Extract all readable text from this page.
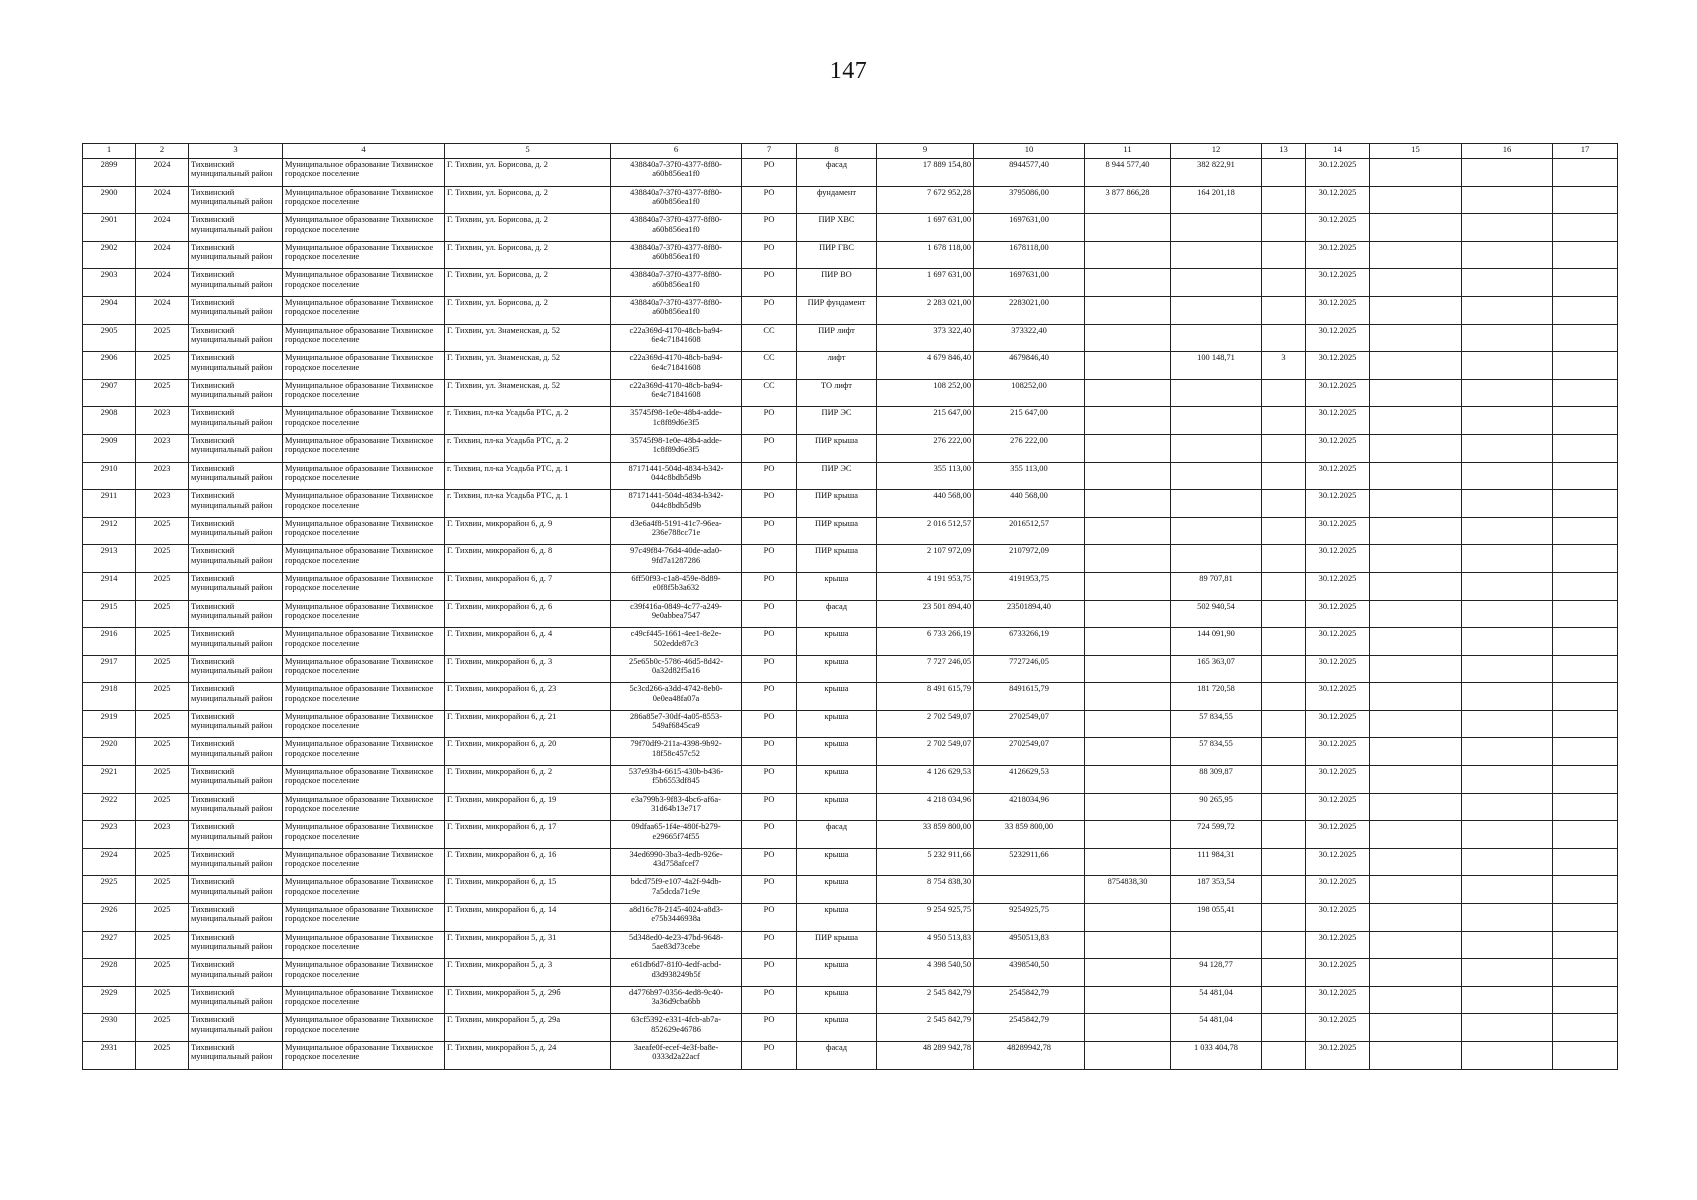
147
1	2	3	4	5	6	7	8	9	10	11	12	13	14	15	16	17

2899	2024	Тихвинский
муниципальный район	Муниципальное образование Тихвинское
городское поселение	Г. Тихвин, ул. Борисова, д. 2	438840a7-37f0-4377-8f80-
a60b856ea1f0	РО	фасад	17 889 154,80	8944577,40	8 944 577,40	382 822,91		30.12.2025			

2900	2024	Тихвинский
муниципальный район	Муниципальное образование Тихвинское
городское поселение	Г. Тихвин, ул. Борисова, д. 2	438840a7-37f0-4377-8f80-
a60b856ea1f0	РО	фундамент	7 672 952,28	3795086,00	3 877 866,28	164 201,18		30.12.2025			

2901	2024	Тихвинский
муниципальный район	Муниципальное образование Тихвинское
городское поселение	Г. Тихвин, ул. Борисова, д. 2	438840a7-37f0-4377-8f80-
a60b856ea1f0	РО	ПИР ХВС	1 697 631,00	1697631,00				30.12.2025			

2902	2024	Тихвинский
муниципальный район	Муниципальное образование Тихвинское
городское поселение	Г. Тихвин, ул. Борисова, д. 2	438840a7-37f0-4377-8f80-
a60b856ea1f0	РО	ПИР ГВС	1 678 118,00	1678118,00				30.12.2025			

2903	2024	Тихвинский
муниципальный район	Муниципальное образование Тихвинское
городское поселение	Г. Тихвин, ул. Борисова, д. 2	438840a7-37f0-4377-8f80-
a60b856ea1f0	РО	ПИР ВО	1 697 631,00	1697631,00				30.12.2025			

2904	2024	Тихвинский
муниципальный район	Муниципальное образование Тихвинское
городское поселение	Г. Тихвин, ул. Борисова, д. 2	438840a7-37f0-4377-8f80-
a60b856ea1f0	РО	ПИР фундамент	2 283 021,00	2283021,00				30.12.2025			

2905	2025	Тихвинский
муниципальный район	Муниципальное образование Тихвинское
городское поселение	Г. Тихвин, ул. Знаменская, д. 52	c22a369d-4170-48cb-ba94-
6e4c71841608	СС	ПИР лифт	373 322,40	373322,40				30.12.2025			

2906	2025	Тихвинский
муниципальный район	Муниципальное образование Тихвинское
городское поселение	Г. Тихвин, ул. Знаменская, д. 52	c22a369d-4170-48cb-ba94-
6e4c71841608	СС	лифт	4 679 846,40	4679846,40		100 148,71	3	30.12.2025			

2907	2025	Тихвинский
муниципальный район	Муниципальное образование Тихвинское
городское поселение	Г. Тихвин, ул. Знаменская, д. 52	c22a369d-4170-48cb-ba94-
6e4c71841608	СС	ТО лифт	108 252,00	108252,00				30.12.2025			

2908	2023	Тихвинский
муниципальный район	Муниципальное образование Тихвинское
городское поселение	г. Тихвин, пл-ка Усадьба РТС, д. 2	35745f98-1e0e-48b4-adde-
1c8f89d6e3f5	РО	ПИР ЭС	215 647,00	215 647,00				30.12.2025			

2909	2023	Тихвинский
муниципальный район	Муниципальное образование Тихвинское
городское поселение	г. Тихвин, пл-ка Усадьба РТС, д. 2	35745f98-1e0e-48b4-adde-
1c8f89d6e3f5	РО	ПИР крыша	276 222,00	276 222,00				30.12.2025			

2910	2023	Тихвинский
муниципальный район	Муниципальное образование Тихвинское
городское поселение	г. Тихвин, пл-ка Усадьба РТС, д. 1	87171441-504d-4834-b342-
044c8bdb5d9b	РО	ПИР ЭС	355 113,00	355 113,00				30.12.2025			

2911	2023	Тихвинский
муниципальный район	Муниципальное образование Тихвинское
городское поселение	г. Тихвин, пл-ка Усадьба РТС, д. 1	87171441-504d-4834-b342-
044c8bdb5d9b	РО	ПИР крыша	440 568,00	440 568,00				30.12.2025			

2912	2025	Тихвинский
муниципальный район	Муниципальное образование Тихвинское
городское поселение	Г. Тихвин, микрорайон 6, д. 9	d3e6a4f8-5191-41c7-96ea-
236e788cc71e	РО	ПИР крыша	2 016 512,57	2016512,57				30.12.2025			

2913	2025	Тихвинский
муниципальный район	Муниципальное образование Тихвинское
городское поселение	Г. Тихвин, микрорайон 6, д. 8	97c49f84-76d4-40de-ada0-
9fd7a1287286	РО	ПИР крыша	2 107 972,09	2107972,09				30.12.2025			

2914	2025	Тихвинский
муниципальный район	Муниципальное образование Тихвинское
городское поселение	Г. Тихвин, микрорайон 6, д. 7	6ff50f93-c1a8-459e-8d89-
e0f8f5b3a632	РО	крыша	4 191 953,75	4191953,75		89 707,81		30.12.2025			

2915	2025	Тихвинский
муниципальный район	Муниципальное образование Тихвинское
городское поселение	Г. Тихвин, микрорайон 6, д. 6	c39f416a-0849-4c77-a249-
9e0abbea7547	РО	фасад	23 501 894,40	23501894,40		502 940,54		30.12.2025			

2916	2025	Тихвинский
муниципальный район	Муниципальное образование Тихвинское
городское поселение	Г. Тихвин, микрорайон 6, д. 4	c49cf445-1661-4ee1-8e2e-
502edde87c3	РО	крыша	6 733 266,19	6733266,19		144 091,90		30.12.2025			

2917	2025	Тихвинский
муниципальный район	Муниципальное образование Тихвинское
городское поселение	Г. Тихвин, микрорайон 6, д. 3	25e65b0c-5786-46d5-8d42-
0a32d82f5a16	РО	крыша	7 727 246,05	7727246,05		165 363,07		30.12.2025			

2918	2025	Тихвинский
муниципальный район	Муниципальное образование Тихвинское
городское поселение	Г. Тихвин, микрорайон 6, д. 23	5c3cd266-a3dd-4742-8eb0-
0e0ea48fa07a	РО	крыша	8 491 615,79	8491615,79		181 720,58		30.12.2025			

2919	2025	Тихвинский
муниципальный район	Муниципальное образование Тихвинское
городское поселение	Г. Тихвин, микрорайон 6, д. 21	286a85e7-30df-4a05-8553-
549af6845ca9	РО	крыша	2 702 549,07	2702549,07		57 834,55		30.12.2025			

2920	2025	Тихвинский
муниципальный район	Муниципальное образование Тихвинское
городское поселение	Г. Тихвин, микрорайон 6, д. 20	79f70df9-211a-4398-9b92-
18f58c457c52	РО	крыша	2 702 549,07	2702549,07		57 834,55		30.12.2025			

2921	2025	Тихвинский
муниципальный район	Муниципальное образование Тихвинское
городское поселение	Г. Тихвин, микрорайон 6, д. 2	537e93b4-6615-430b-b436-
f5b6553df845	РО	крыша	4 126 629,53	4126629,53		88 309,87		30.12.2025			

2922	2025	Тихвинский
муниципальный район	Муниципальное образование Тихвинское
городское поселение	Г. Тихвин, микрорайон 6, д. 19	e3a799b3-9f83-4bc6-af6a-
31d64b13e717	РО	крыша	4 218 034,96	4218034,96		90 265,95		30.12.2025			

2923	2023	Тихвинский
муниципальный район	Муниципальное образование Тихвинское
городское поселение	Г. Тихвин, микрорайон 6, д. 17	09dfaa65-1f4e-480f-b279-
e29665f74f55	РО	фасад	33 859 800,00	33 859 800,00		724 599,72		30.12.2025			

2924	2025	Тихвинский
муниципальный район	Муниципальное образование Тихвинское
городское поселение	Г. Тихвин, микрорайон 6, д. 16	34ed6990-3ba3-4edb-926e-
43d758afcef7	РО	крыша	5 232 911,66	5232911,66		111 984,31		30.12.2025			

2925	2025	Тихвинский
муниципальный район	Муниципальное образование Тихвинское
городское поселение	Г. Тихвин, микрорайон 6, д. 15	bdcd75f9-e107-4a2f-94db-
7a5dcda71c9e	РО	крыша	8 754 838,30		8754838,30	187 353,54		30.12.2025			

2926	2025	Тихвинский
муниципальный район	Муниципальное образование Тихвинское
городское поселение	Г. Тихвин, микрорайон 6, д. 14	a8d16c78-2145-4024-a8d3-
e75b3446938a	РО	крыша	9 254 925,75	9254925,75		198 055,41		30.12.2025			

2927	2025	Тихвинский
муниципальный район	Муниципальное образование Тихвинское
городское поселение	Г. Тихвин, микрорайон 5, д. 31	5d348ed0-4e23-47bd-9648-
5ae83d73cebe	РО	ПИР крыша	4 950 513,83	4950513,83				30.12.2025			

2928	2025	Тихвинский
муниципальный район	Муниципальное образование Тихвинское
городское поселение	Г. Тихвин, микрорайон 5, д. 3	e61db6d7-81f0-4edf-acbd-
d3d938249b5f	РО	крыша	4 398 540,50	4398540,50		94 128,77		30.12.2025			

2929	2025	Тихвинский
муниципальный район	Муниципальное образование Тихвинское
городское поселение	Г. Тихвин, микрорайон 5, д. 29б	d4776b97-0356-4ed8-9c40-
3a36d9cba6bb	РО	крыша	2 545 842,79	2545842,79		54 481,04		30.12.2025			

2930	2025	Тихвинский
муниципальный район	Муниципальное образование Тихвинское
городское поселение	Г. Тихвин, микрорайон 5, д. 29а	63cf5392-e331-4fcb-ab7a-
852629e46786	РО	крыша	2 545 842,79	2545842,79		54 481,04		30.12.2025			

2931	2025	Тихвинский
муниципальный район	Муниципальное образование Тихвинское
городское поселение	Г. Тихвин, микрорайон 5, д. 24	3aeafe0f-ecef-4e3f-ba8e-
0333d2a22acf	РО	фасад	48 289 942,78	48289942,78		1 033 404,78		30.12.2025			
